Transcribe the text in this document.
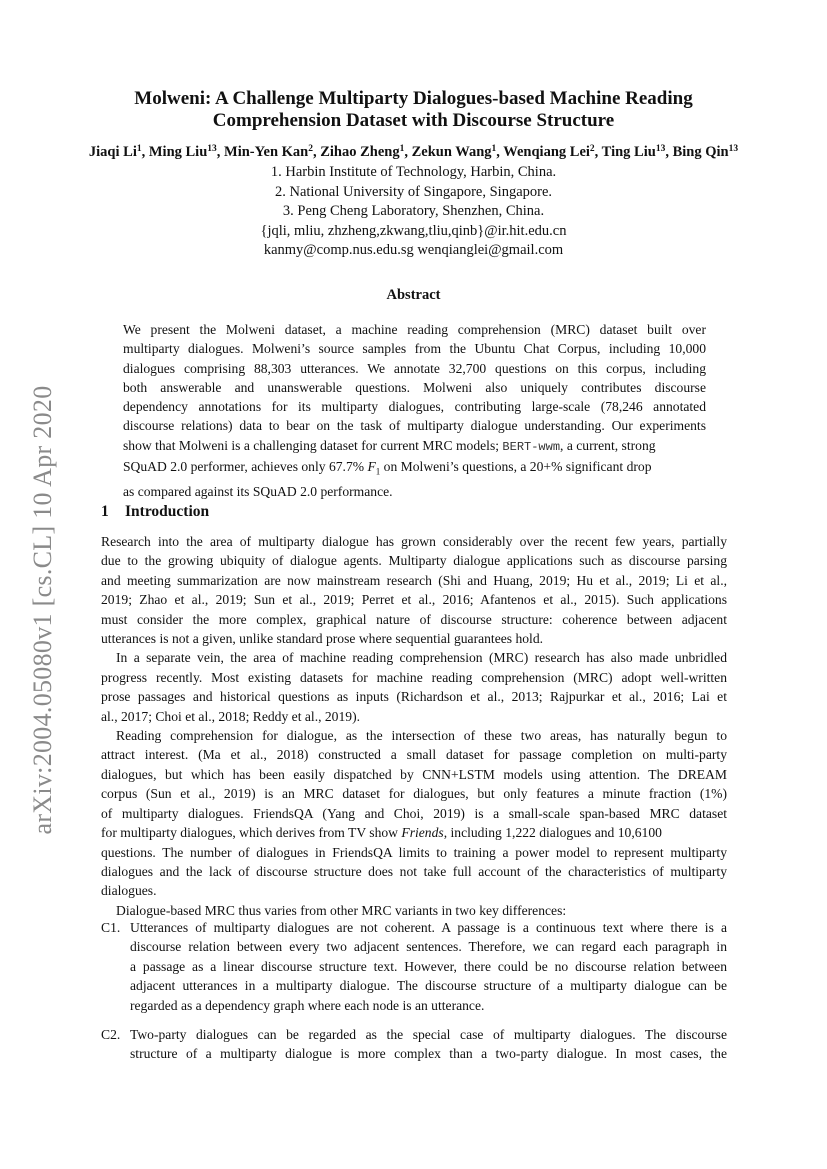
arXiv:2004.05080v1 [cs.CL] 10 Apr 2020
Molweni: A Challenge Multiparty Dialogues-based Machine Reading
Comprehension Dataset with Discourse Structure
Jiaqi Li$^1$, Ming Liu$^{13}$, Min-Yen Kan$^2$, Zihao Zheng$^1$, Zekun Wang$^1$, Wenqiang Lei$^2$, Ting Liu$^{13}$, Bing Qin$^{13}$
1. Harbin Institute of Technology, Harbin, China.
2. National University of Singapore, Singapore.
3. Peng Cheng Laboratory, Shenzhen, China.
{jqli, mliu, zhzheng,zkwang,tliu,qinb}@ir.hit.edu.cn
kanmy@comp.nus.edu.sg wenqianglei@gmail.com
Abstract
We present the Molweni dataset, a machine reading comprehension (MRC) dataset built over
multiparty dialogues. Molweni’s source samples from the Ubuntu Chat Corpus, including 10,000
dialogues comprising 88,303 utterances. We annotate 32,700 questions on this corpus, including
both answerable and unanswerable questions. Molweni also uniquely contributes discourse
dependency annotations for its multiparty dialogues, contributing large-scale (78,246 annotated
discourse relations) data to bear on the task of multiparty dialogue understanding. Our experiments
show that Molweni is a challenging dataset for current MRC models; BERT-wwm, a current, strong
SQuAD 2.0 performer, achieves only 67.7% $F_1$ on Molweni’s questions, a 20+% significant drop
as compared against its SQuAD 2.0 performance.
1 Introduction
Research into the area of multiparty dialogue has grown considerably over the recent few years, partially
due to the growing ubiquity of dialogue agents. Multiparty dialogue applications such as discourse parsing
and meeting summarization are now mainstream research (Shi and Huang, 2019; Hu et al., 2019; Li et al.,
2019; Zhao et al., 2019; Sun et al., 2019; Perret et al., 2016; Afantenos et al., 2015). Such applications
must consider the more complex, graphical nature of discourse structure: coherence between adjacent
utterances is not a given, unlike standard prose where sequential guarantees hold.
In a separate vein, the area of machine reading comprehension (MRC) research has also made unbridled
progress recently. Most existing datasets for machine reading comprehension (MRC) adopt well-written
prose passages and historical questions as inputs (Richardson et al., 2013; Rajpurkar et al., 2016; Lai et
al., 2017; Choi et al., 2018; Reddy et al., 2019).
Reading comprehension for dialogue, as the intersection of these two areas, has naturally begun to
attract interest. (Ma et al., 2018) constructed a small dataset for passage completion on multi-party
dialogues, but which has been easily dispatched by CNN+LSTM models using attention. The DREAM
corpus (Sun et al., 2019) is an MRC dataset for dialogues, but only features a minute fraction (1%)
of multiparty dialogues. FriendsQA (Yang and Choi, 2019) is a small-scale span-based MRC dataset
for multiparty dialogues, which derives from TV show Friends, including 1,222 dialogues and 10,6100
questions. The number of dialogues in FriendsQA limits to training a power model to represent multiparty
dialogues and the lack of discourse structure does not take full account of the characteristics of multiparty
dialogues.
Dialogue-based MRC thus varies from other MRC variants in two key differences:
C1. Utterances of multiparty dialogues are not coherent. A passage is a continuous text where there is a
discourse relation between every two adjacent sentences. Therefore, we can regard each paragraph in
a passage as a linear discourse structure text. However, there could be no discourse relation between
adjacent utterances in a multiparty dialogue. The discourse structure of a multiparty dialogue can be
regarded as a dependency graph where each node is an utterance.
C2. Two-party dialogues can be regarded as the special case of multiparty dialogues. The discourse
structure of a multiparty dialogue is more complex than a two-party dialogue. In most cases, the
